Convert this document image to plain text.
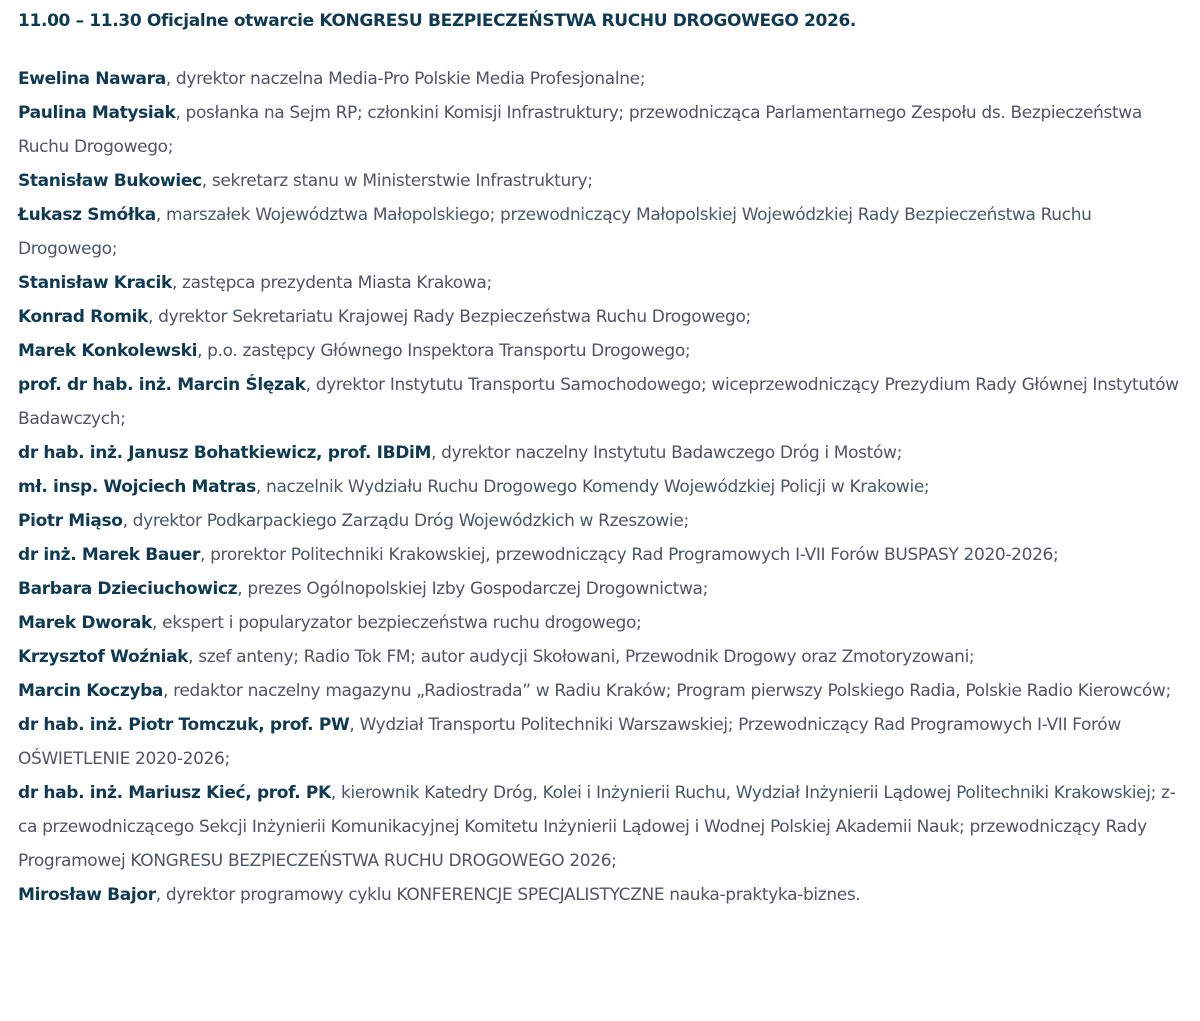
11.00 – 11.30 Oficjalne otwarcie KONGRESU BEZPIECZEŃSTWA RUCHU DROGOWEGO 2026.
Ewelina Nawara, dyrektor naczelna Media-Pro Polskie Media Profesjonalne;
Paulina Matysiak, posłanka na Sejm RP; członkini Komisji Infrastruktury; przewodnicząca Parlamentarnego Zespołu ds. Bezpieczeństwa Ruchu Drogowego;
Stanisław Bukowiec, sekretarz stanu w Ministerstwie Infrastruktury;
Łukasz Smółka, marszałek Województwa Małopolskiego; przewodniczący Małopolskiej Wojewódzkiej Rady Bezpieczeństwa Ruchu Drogowego;
Stanisław Kracik, zastępca prezydenta Miasta Krakowa;
Konrad Romik, dyrektor Sekretariatu Krajowej Rady Bezpieczeństwa Ruchu Drogowego;
Marek Konkolewski, p.o. zastępcy Głównego Inspektora Transportu Drogowego;
prof. dr hab. inż. Marcin Ślęzak, dyrektor Instytutu Transportu Samochodowego; wiceprzewodniczący Prezydium Rady Głównej Instytutów Badawczych;
dr hab. inż. Janusz Bohatkiewicz, prof. IBDiM, dyrektor naczelny Instytutu Badawczego Dróg i Mostów;
mł. insp. Wojciech Matras, naczelnik Wydziału Ruchu Drogowego Komendy Wojewódzkiej Policji w Krakowie;
Piotr Miąso, dyrektor Podkarpackiego Zarządu Dróg Wojewódzkich w Rzeszowie;
dr inż. Marek Bauer, prorektor Politechniki Krakowskiej, przewodniczący Rad Programowych I-VII Forów BUSPASY 2020-2026;
Barbara Dzieciuchowicz, prezes Ogólnopolskiej Izby Gospodarczej Drogownictwa;
Marek Dworak, ekspert i popularyzator bezpieczeństwa ruchu drogowego;
Krzysztof Woźniak, szef anteny; Radio Tok FM; autor audycji Skołowani, Przewodnik Drogowy oraz Zmotoryzowani;
Marcin Koczyba, redaktor naczelny magazynu „Radiostrada” w Radiu Kraków; Program pierwszy Polskiego Radia, Polskie Radio Kierowców;
dr hab. inż. Piotr Tomczuk, prof. PW, Wydział Transportu Politechniki Warszawskiej; Przewodniczący Rad Programowych I-VII Forów OŚWIETLENIE 2020-2026;
dr hab. inż. Mariusz Kieć, prof. PK, kierownik Katedry Dróg, Kolei i Inżynierii Ruchu, Wydział Inżynierii Lądowej Politechniki Krakowskiej; z-ca przewodniczącego Sekcji Inżynierii Komunikacyjnej Komitetu Inżynierii Lądowej i Wodnej Polskiej Akademii Nauk; przewodniczący Rady Programowej KONGRESU BEZPIECZEŃSTWA RUCHU DROGOWEGO 2026;
Mirosław Bajor, dyrektor programowy cyklu KONFERENCJE SPECJALISTYCZNE nauka-praktyka-biznes.
